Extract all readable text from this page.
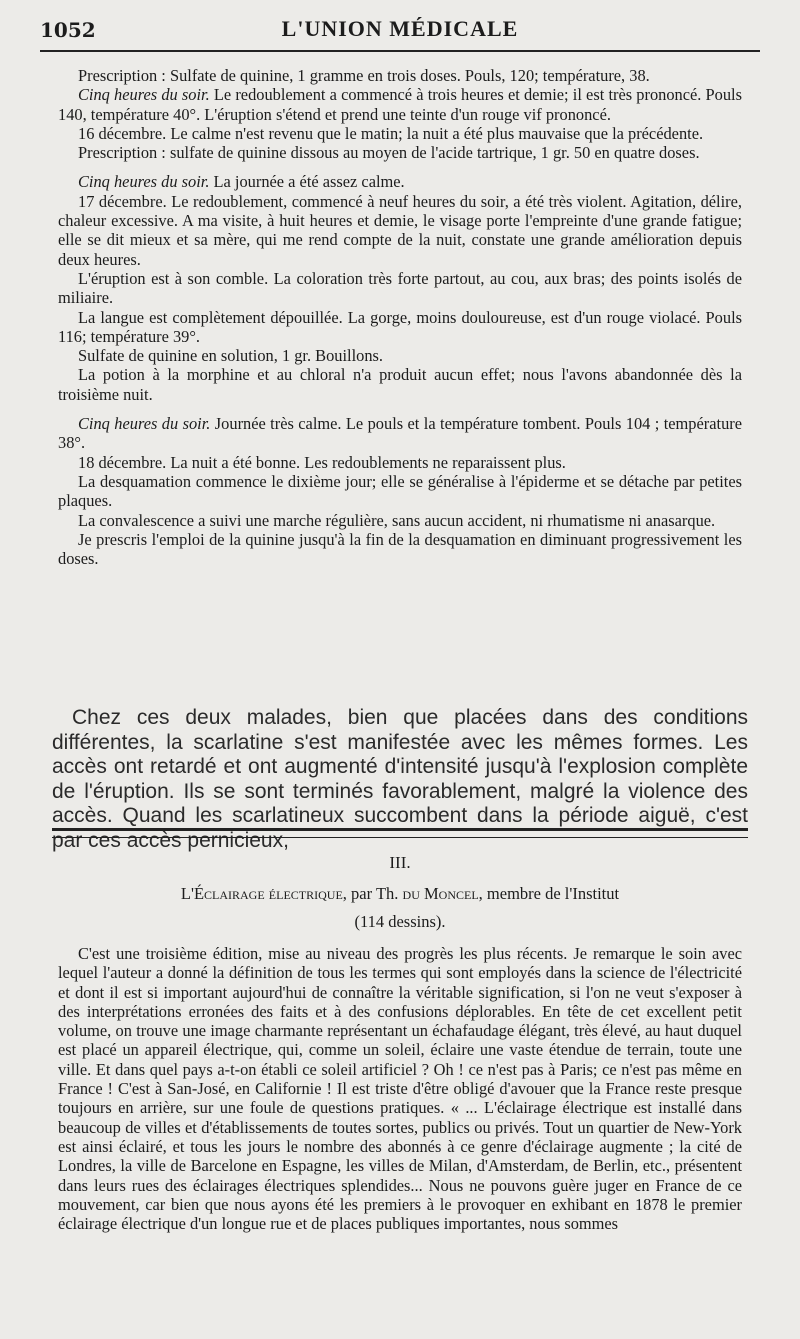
1052	L'UNION MÉDICALE

Prescription : Sulfate de quinine, 1 gramme en trois doses. Pouls, 120; température, 38.

Cinq heures du soir. Le redoublement a commencé à trois heures et demie; il est très prononcé. Pouls 140, température 40°. L'éruption s'étend et prend une teinte d'un rouge vif prononcé.

16 décembre. Le calme n'est revenu que le matin; la nuit a été plus mauvaise que la précédente.

Prescription : sulfate de quinine dissous au moyen de l'acide tartrique, 1 gr. 50 en quatre doses.

Cinq heures du soir. La journée a été assez calme.

17 décembre. Le redoublement, commencé à neuf heures du soir, a été très violent. Agitation, délire, chaleur excessive. A ma visite, à huit heures et demie, le visage porte l'empreinte d'une grande fatigue; elle se dit mieux et sa mère, qui me rend compte de la nuit, constate une grande amélioration depuis deux heures.

L'éruption est à son comble. La coloration très forte partout, au cou, aux bras; des points isolés de miliaire.

La langue est complètement dépouillée. La gorge, moins douloureuse, est d'un rouge violacé. Pouls 116; température 39°.

Sulfate de quinine en solution, 1 gr. Bouillons.

La potion à la morphine et au chloral n'a produit aucun effet; nous l'avons abandonnée dès la troisième nuit.

Cinq heures du soir. Journée très calme. Le pouls et la température tombent. Pouls 104 ; température 38°.

18 décembre. La nuit a été bonne. Les redoublements ne reparaissent plus.

La desquamation commence le dixième jour; elle se généralise à l'épiderme et se détache par petites plaques.

La convalescence a suivi une marche régulière, sans aucun accident, ni rhumatisme ni anasarque.

Je prescris l'emploi de la quinine jusqu'à la fin de la desquamation en diminuant progressivement les doses.

Chez ces deux malades, bien que placées dans des conditions différentes, la scarlatine s'est manifestée avec les mêmes formes. Les accès ont retardé et ont augmenté d'intensité jusqu'à l'explosion complète de l'éruption. Ils se sont terminés favorablement, malgré la violence des accès. Quand les scarlatineux succombent dans la période aiguë, c'est par ces accès pernicieux,

III.
L'Éclairage électrique, par Th. du Moncel, membre de l'Institut
(114 dessins).

C'est une troisième édition, mise au niveau des progrès les plus récents. Je remarque le soin avec lequel l'auteur a donné la définition de tous les termes qui sont employés dans la science de l'électricité et dont il est si important aujourd'hui de connaître la véritable signification, si l'on ne veut s'exposer à des interprétations erronées des faits et à des confusions déplorables. En tête de cet excellent petit volume, on trouve une image charmante représentant un échafaudage élégant, très élevé, au haut duquel est placé un appareil électrique, qui, comme un soleil, éclaire une vaste étendue de terrain, toute une ville. Et dans quel pays a-t-on établi ce soleil artificiel ? Oh ! ce n'est pas à Paris; ce n'est pas même en France ! C'est à San-José, en Californie ! Il est triste d'être obligé d'avouer que la France reste presque toujours en arrière, sur une foule de questions pratiques. « ... L'éclairage électrique est installé dans beaucoup de villes et d'établissements de toutes sortes, publics ou privés. Tout un quartier de New-York est ainsi éclairé, et tous les jours le nombre des abonnés à ce genre d'éclairage augmente ; la cité de Londres, la ville de Barcelone en Espagne, les villes de Milan, d'Amsterdam, de Berlin, etc., présentent dans leurs rues des éclairages électriques splendides... Nous ne pouvons guère juger en France de ce mouvement, car bien que nous ayons été les premiers à le provoquer en exhibant en 1878 le premier éclairage électrique d'un longue rue et de places publiques importantes, nous sommes
